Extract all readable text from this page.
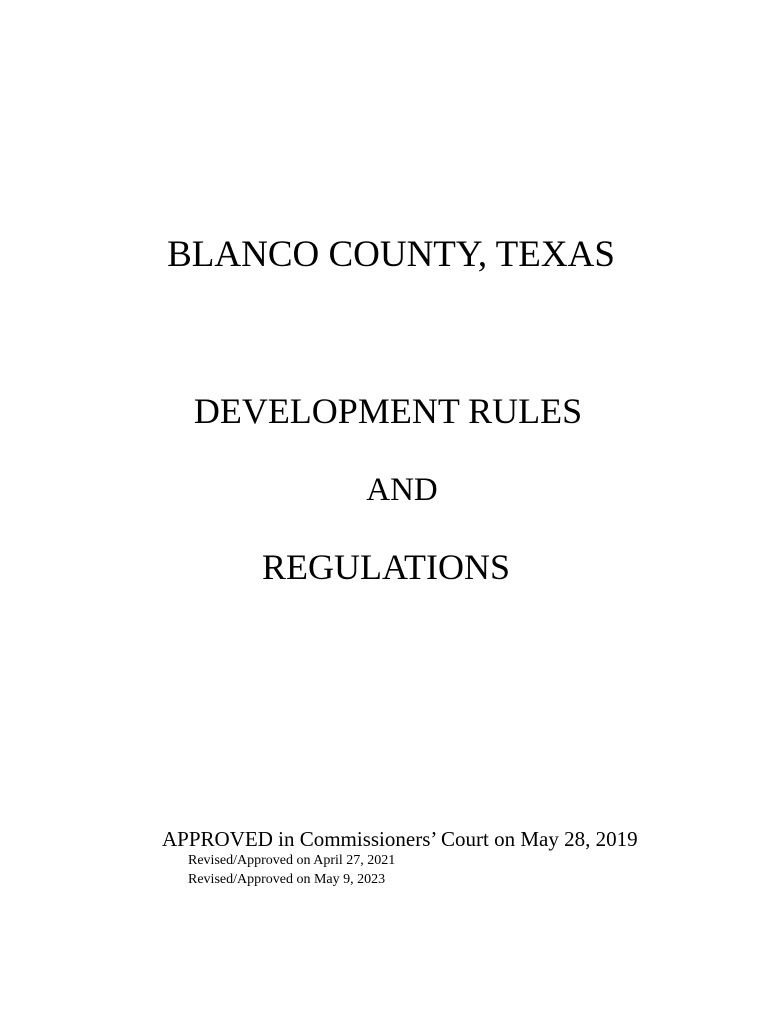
BLANCO COUNTY, TEXAS
DEVELOPMENT RULES
AND
REGULATIONS
APPROVED in Commissioners’ Court on May 28, 2019
Revised/Approved on April 27, 2021
Revised/Approved on May 9, 2023
